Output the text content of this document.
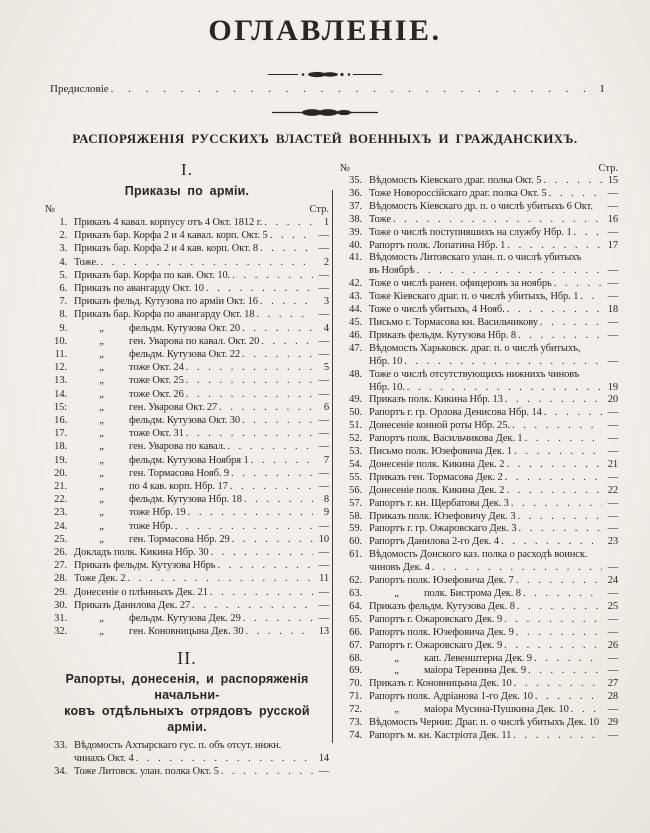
ОГЛАВЛЕНІЕ.
Предисловіе . . .	I
РАСПОРЯЖЕНІЯ РУССКИХЪ ВЛАСТЕЙ ВОЕННЫХЪ И ГРАЖДАНСКИХЪ.
I.
Приказы по арміи.
№	Стр.
1. Приказъ 4 кавал. корпусу отъ 4 Окт. 1812 г. . . .	1
2. Приказъ бар. Корфа 2 и 4 кавал. корп. Окт. 5 . . .	—
3. Приказъ бар. Корфа 2 и 4 кав. корп. Окт. 8 . . .	—
4. Тоже. . . .	2
5. Приказъ бар. Корфа по кав. Окт. 10. . . .	—
6. Приказъ по авангарду Окт. 10 . . .	—
7. Приказъ фельд. Кутузова по арміи Окт. 16 . . .	3
8. Приказъ бар. Корфа по авангарду Окт. 18 . . .	—
9.	„	фельдм. Кутузова Окт. 20 . . .	4
10.	„	ген. Уварова по кавал. Окт. 20 . . .	—
11.	„	фельдм. Кутузова Окт. 22 . . .	—
12.	„	тоже Окт. 24 . . .	5
13.	„	тоже Окт. 25 . . .	—
14.	„	тоже Окт. 26 . . .	—
15:	„	ген. Уварова Окт. 27 . . .	6
16.	„	фельдм. Кутузова Окт. 30 . . .	—
17.	„	тоже Окт. 31 . . .	—
18.	„	ген. Уварова по кавал. . . .	—
19.	„	фельдм. Кутузова Ноября 1 . . .	7
20.	„	ген. Тормасова Нояб. 9 . . .	—
21.	„	по 4 кав. корп. Нбр. 17 . . .	—
22.	„	фельдм. Кутузова Нбр. 18 . . .	8
23.	„	тоже Нбр. 19 . . .	9
24.	„	тоже Нбр. . . .	—
25.	„	ген. Тормасова Нбр. 29 . . .	10
26. Докладъ полк. Кикина Нбр. 30 . . .	—
27. Приказъ фельдм. Кутузова Нбрь . . .	—
28. Тоже Дек. 2 . . .	11
29. Донесеніе о плѣнныхъ Дек. 21 . . .	—
30. Приказъ Данилова Дек. 27 . . .	—
31.	„	фельдм. Кутузова Дек. 29 . . .	—
32.	„	ген. Коновницына Дек. 30 . . .	13
II.
Рапорты, донесенія, и распоряженія начальни-
ковъ отдѣльныхъ отрядовъ русской арміи.
33. Вѣдомость Ахтырскаго гус. п. объ отсут. нижн.
чинахъ Окт. 4 . . .	14
34. Тоже Литовск. улан. полка Окт. 5 . . .	—
№	Стр.
35. Вѣдомость Кіевскаго драг. полка Окт. 5 . . .	15
36. Тоже Новороссійскаго драг. полка Окт. 5 . . .	—
37. Вѣдомость Кіевскаго др. п. о числѣ убитыхъ 6 Окт.	—
38. Тоже . . .	16
39. Тоже о числѣ поступившихъ на службу Нбр. 1 . . .	—
40. Рапортъ полк. Лопатина Нбр. 1 . . .	17
41. Вѣдомость Литовскаго улан. п. о числѣ убитыхъ
въ Ноябрѣ . . .	—
42. Тоже о числѣ ранен. офицеровъ за ноябрь . . .	—
43. Тоже Кіевскаго драг. п. о числѣ убитыхъ, Нбр. 1 . . .	—
44. Тоже о числѣ убитыхъ, 4 Нояб. . . .	18
45. Письмо г. Тормасова кн. Васильчикову . . .	—
46. Приказъ фельдм. Кутузова Нбр. 8 . . .	—
47. Вѣдомость Харьковск. драг. п. о числѣ убитыхъ,
Нбр. 10 . . .	—
48. Тоже о числѣ отсутствующихъ нижнихъ чиновъ
Нбр. 10. . . .	19
49. Приказъ полк. Кикина Нбр. 13 . . .	20
50. Рапортъ г. гр. Орлова Денисова Нбр. 14 . . .	—
51. Донесеніе конной роты Нбр. 25. . . .	—
52. Рапортъ полк. Васильчикова Дек. 1 . . .	—
53. Письмо полк. Юзефовича Дек. 1 . . .	—
54. Донесеніе полк. Кикина Дек. 2 . . .	21
55. Приказъ ген. Тормасова Дек. 2 . . .	—
56. Донесеніе полк. Кикина Дек. 2 . . .	22
57. Рапортъ г. кн. Щербатова Дек. 3 . . .	—
58. Приказъ полк. Юзефовичу Дек. 3 . . .	—
59. Рапортъ г. гр. Ожаровскаго Дек. 3 . . .	—
60. Рапортъ Данилова 2-го Дек. 4 . . .	23
61. Вѣдомость Донского каз. полка о расходѣ воинск.
чиновъ Дек. 4 . . .	—
62. Рапортъ полк. Юзефовича Дек. 7 . . .	24
63.	„	полк. Бистрома Дек. 8 . . .	—
64. Приказъ фельдм. Кутузова Дек. 8 . . .	25
65. Рапортъ г. Ожаровскаго Дек. 9 . . .	—
66. Рапортъ полк. Юзефовича Дек. 9 . . .	—
67. Рапортъ г. Ожаровскаго Дек. 9 . . .	26
68.	„	кап. Левенштерна Дек. 9 . . .	—
69.	„	маіора Теренина Дек. 9 . . .	—
70. Приказъ г. Коновницына Дек. 10 . . .	27
71. Рапортъ полк. Адріанова 1-го Дек. 10 . . .	28
72.	„	маіора Мусина-Пушкина Дек. 10 . . .	—
73. Вѣдомость Черниг. Драг. п. о числѣ убитыхъ Дек. 10 29
74. Рапортъ м. кн. Кастріота Дек. 11 . . .	—
